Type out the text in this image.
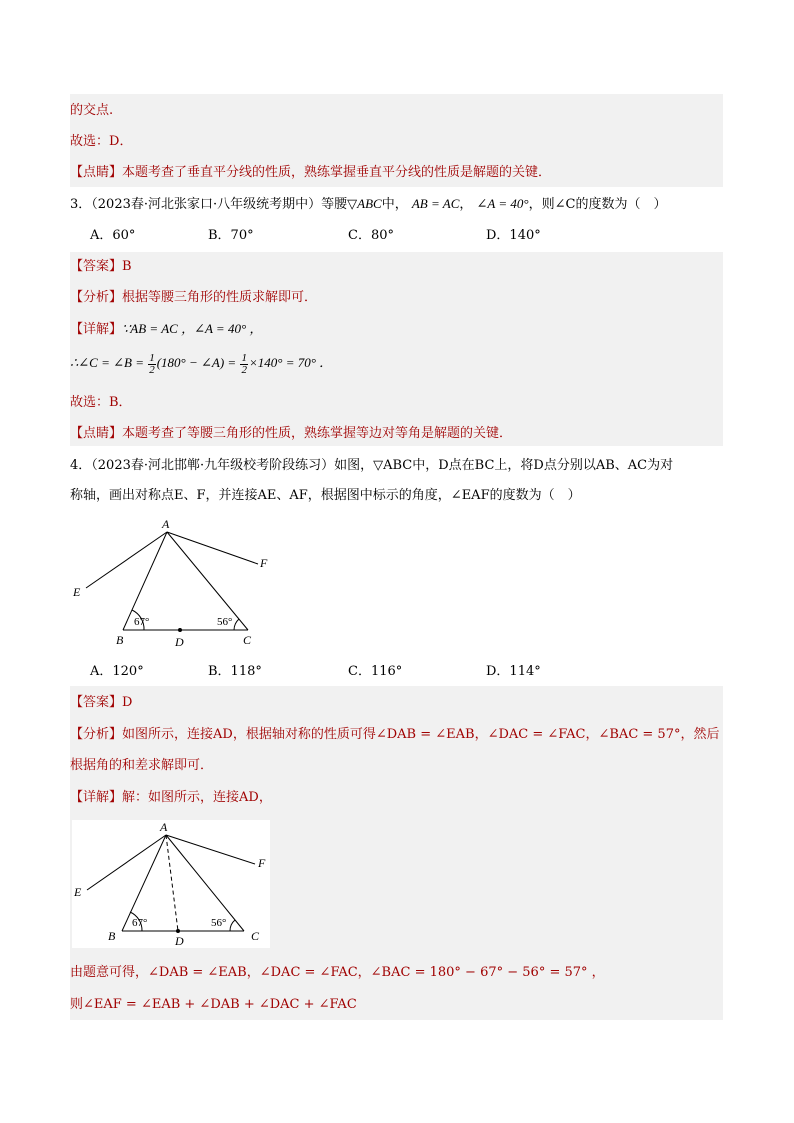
的交点.
故选：D．
【点睛】本题考查了垂直平分线的性质，熟练掌握垂直平分线的性质是解题的关键．
3．（2023春·河北张家口·八年级统考期中）等腰▽ABC中， AB = AC， ∠A = 40°，则∠C的度数为（　）
A．60°	B．70°	C．80°	D．140°
【答案】B
【分析】根据等腰三角形的性质求解即可．
【详解】∵AB = AC ，∠A = 40° ，
∴∠C = ∠B = $\frac{1}{2} (180^\circ$ − ∠A) = $\frac{1}{2} \times 140^\circ = 70^\circ$ ．
故选：B．
【点睛】本题考查了等腰三角形的性质，熟练掌握等边对等角是解题的关键．
4．（2023春·河北邯郸·九年级校考阶段练习）如图，▽ABC中，D点在BC上，将D点分别以AB、AC为对
称轴，画出对称点E、F，并连接AE、AF，根据图中标示的角度，∠EAF的度数为（　）
A
B	C
D
E
F
67°	56°
A．120°	B．118°	C．116°	D．114°
【答案】D
【分析】如图所示，连接AD，根据轴对称的性质可得∠DAB = ∠EAB，∠DAC = ∠FAC，∠BAC = 57°，然后
根据角的和差求解即可．
【详解】解：如图所示，连接AD，
A
B	C
D
E
F
67°	56°
由题意可得，∠DAB = ∠EAB，∠DAC = ∠FAC，∠BAC = 180° − 67° − 56° = 57° ，
则∠EAF = ∠EAB + ∠DAB + ∠DAC + ∠FAC
